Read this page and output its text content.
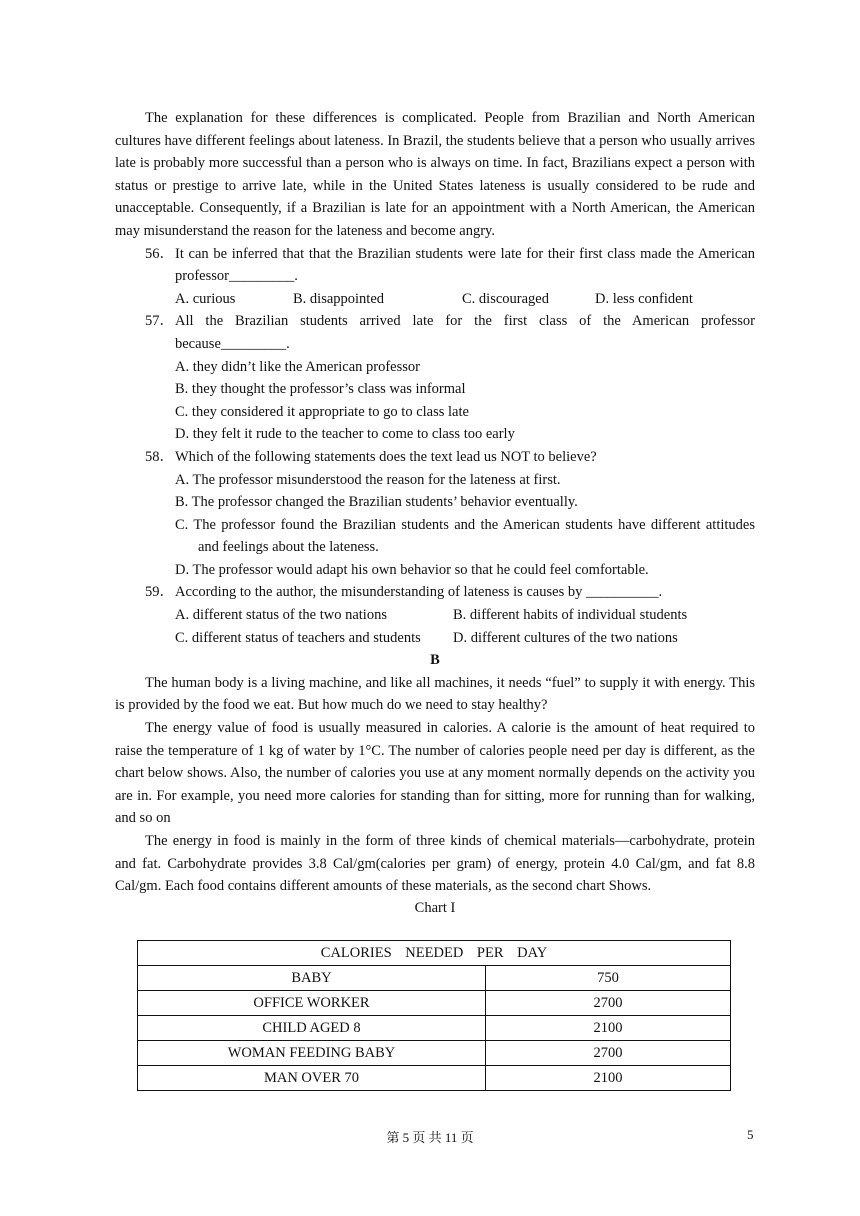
The explanation for these differences is complicated. People from Brazilian and North American cultures have different feelings about lateness. In Brazil, the students believe that a person who usually arrives late is probably more successful than a person who is always on time. In fact, Brazilians expect a person with status or prestige to arrive late, while in the United States lateness is usually considered to be rude and unacceptable. Consequently, if a Brazilian is late for an appointment with a North American, the American may misunderstand the reason for the lateness and become angry.

56． It can be inferred that that the Brazilian students were late for their first class made the American professor_________.

A. curious	B. disappointed	C. discouraged	D. less confident

57． All the Brazilian students arrived late for the first class of the American professor because_________.

A. they didn’t like the American professor

B. they thought the professor’s class was informal

C. they considered it appropriate to go to class late

D. they felt it rude to the teacher to come to class too early

58． Which of the following statements does the text lead us NOT to believe?

A. The professor misunderstood the reason for the lateness at first.

B. The professor changed the Brazilian students’ behavior eventually.

C. The professor found the Brazilian students and the American students have different attitudes and feelings about the lateness.

D. The professor would adapt his own behavior so that he could feel comfortable.

59． According to the author, the misunderstanding of lateness is causes by __________.

A. different status of the two nations	B. different habits of individual students
C. different status of teachers and students	D. different cultures of the two nations

B

The human body is a living machine, and like all machines, it needs “fuel” to supply it with energy. This is provided by the food we eat. But how much do we need to stay healthy?

The energy value of food is usually measured in calories. A calorie is the amount of heat required to raise the temperature of 1 kg of water by 1°C. The number of calories people need per day is different, as the chart below shows. Also, the number of calories you use at any moment normally depends on the activity you are in. For example, you need more calories for standing than for sitting, more for running than for walking, and so on

The energy in food is mainly in the form of three kinds of chemical materials—carbohydrate, protein and fat. Carbohydrate provides 3.8 Cal/gm(calories per gram) of energy, protein 4.0 Cal/gm, and fat 8.8 Cal/gm. Each food contains different amounts of these materials, as the second chart Shows.

Chart I

CALORIES NEEDED PER DAY	
BABY	750
OFFICE WORKER	2700
CHILD AGED 8	2100
WOMAN FEEDING BABY	2700
MAN OVER 70	2100
第 5 页 共 11 页	5
